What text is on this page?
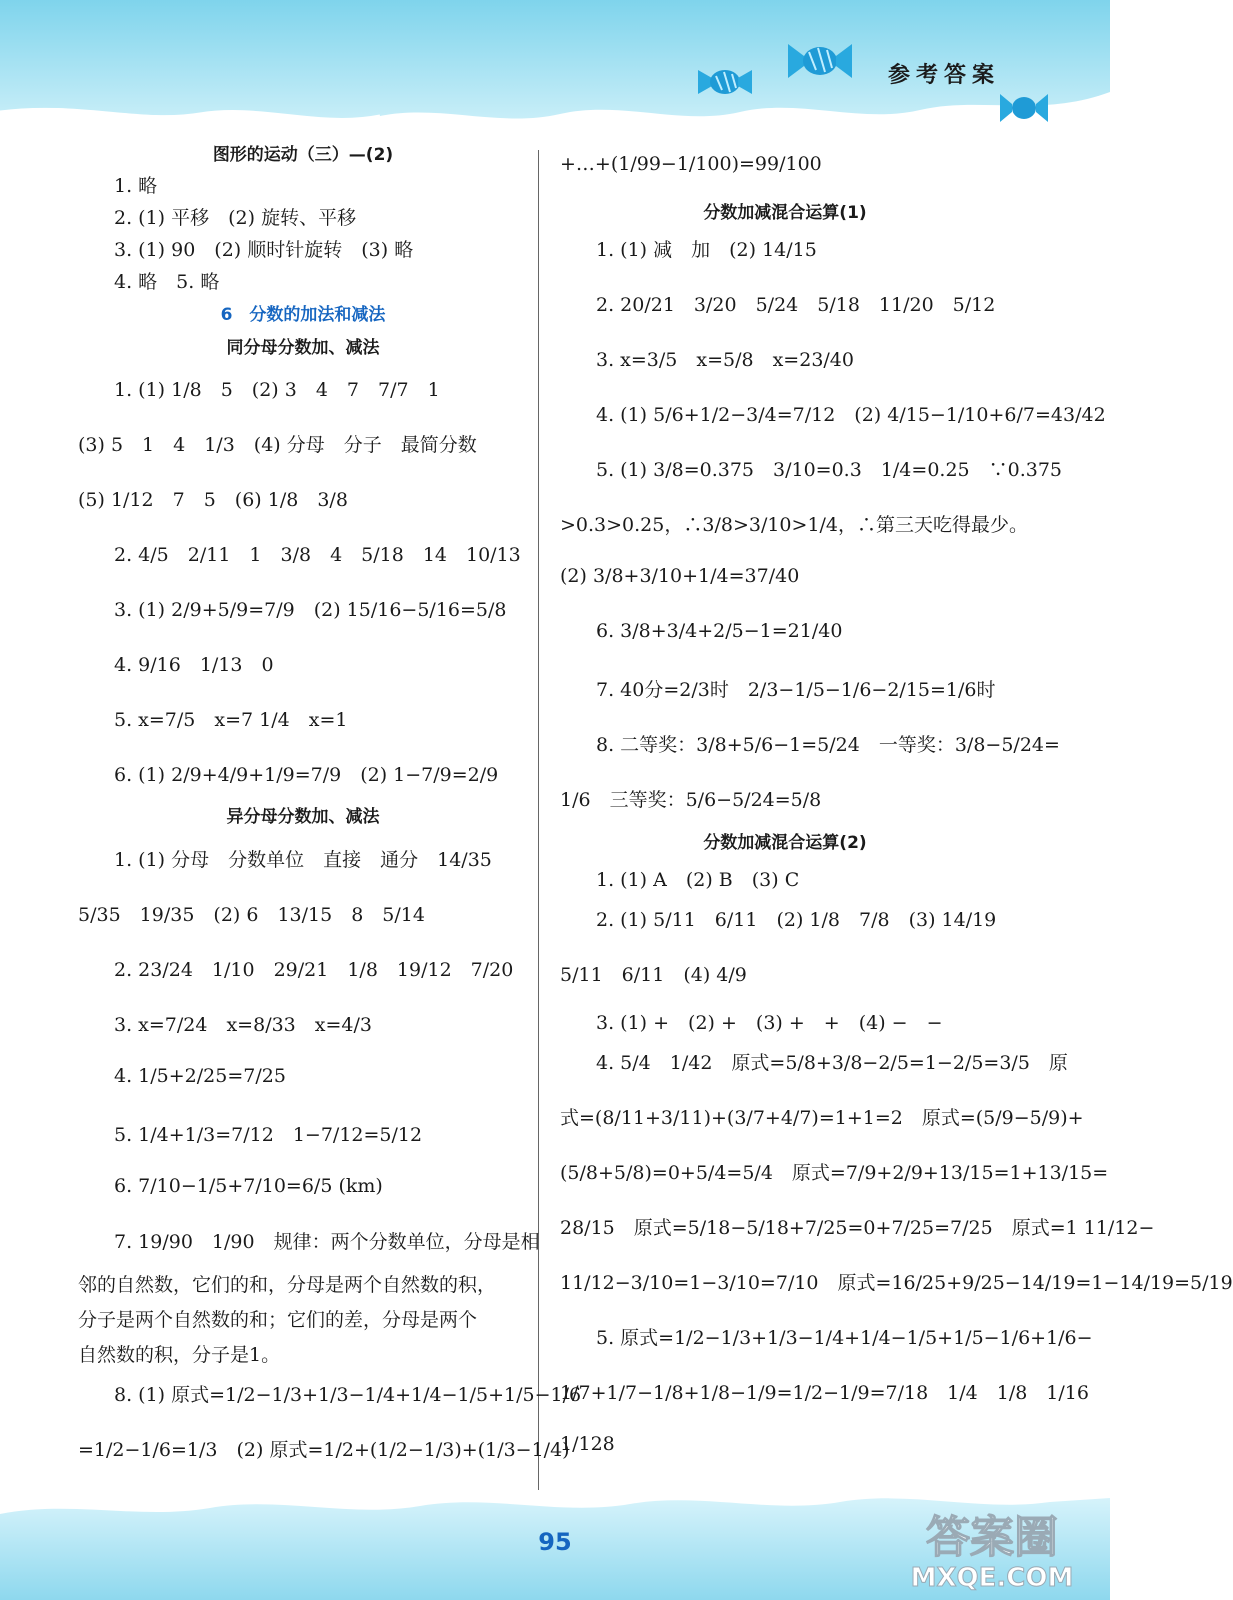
参考答案
图形的运动（三）—(2)
1. 略
2. (1) 平移　(2) 旋转、平移
3. (1) 90　(2) 顺时针旋转　(3) 略
4. 略　5. 略
6　分数的加法和减法
同分母分数加、减法
1. (1) 1/8　5　(2) 3　4　7　7/7　1
(3) 5　1　4　1/3　(4) 分母　分子　最简分数
(5) 1/12　7　5　(6) 1/8　3/8
2. 4/5　2/11　1　3/8　4　5/18　14　10/13
3. (1) 2/9+5/9=7/9　(2) 15/16−5/16=5/8
4. 9/16　1/13　0
5. x=7/5　x=7 1/4　x=1
6. (1) 2/9+4/9+1/9=7/9　(2) 1−7/9=2/9
异分母分数加、减法
1. (1) 分母　分数单位　直接　通分　14/35
5/35　19/35　(2) 6　13/15　8　5/14
2. 23/24　1/10　29/21　1/8　19/12　7/20
3. x=7/24　x=8/33　x=4/3
4. 1/5+2/25=7/25
5. 1/4+1/3=7/12　1−7/12=5/12
6. 7/10−1/5+7/10=6/5 (km)
7. 19/90　1/90　规律：两个分数单位，分母是相
邻的自然数，它们的和，分母是两个自然数的积，
分子是两个自然数的和；它们的差，分母是两个
自然数的积，分子是1。
8. (1) 原式=1/2−1/3+1/3−1/4+1/4−1/5+1/5−1/6
=1/2−1/6=1/3　(2) 原式=1/2+(1/2−1/3)+(1/3−1/4)
+…+(1/99−1/100)=99/100
分数加减混合运算(1)
1. (1) 减　加　(2) 14/15
2. 20/21　3/20　5/24　5/18　11/20　5/12
3. x=3/5　x=5/8　x=23/40
4. (1) 5/6+1/2−3/4=7/12　(2) 4/15−1/10+6/7=43/42
5. (1) 3/8=0.375　3/10=0.3　1/4=0.25　∵0.375
>0.3>0.25，∴3/8>3/10>1/4，∴第三天吃得最少。
(2) 3/8+3/10+1/4=37/40
6. 3/8+3/4+2/5−1=21/40
7. 40分=2/3时　2/3−1/5−1/6−2/15=1/6时
8. 二等奖：3/8+5/6−1=5/24　一等奖：3/8−5/24=
1/6　三等奖：5/6−5/24=5/8
分数加减混合运算(2)
1. (1) A　(2) B　(3) C
2. (1) 5/11　6/11　(2) 1/8　7/8　(3) 14/19
5/11　6/11　(4) 4/9
3. (1) +　(2) +　(3) +　+　(4) −　−
4. 5/4　1/42　原式=5/8+3/8−2/5=1−2/5=3/5　原
式=(8/11+3/11)+(3/7+4/7)=1+1=2　原式=(5/9−5/9)+
(5/8+5/8)=0+5/4=5/4　原式=7/9+2/9+13/15=1+13/15=
28/15　原式=5/18−5/18+7/25=0+7/25=7/25　原式=1 11/12−
11/12−3/10=1−3/10=7/10　原式=16/25+9/25−14/19=1−14/19=5/19
5. 原式=1/2−1/3+1/3−1/4+1/4−1/5+1/5−1/6+1/6−
1/7+1/7−1/8+1/8−1/9=1/2−1/9=7/18　1/4　1/8　1/16
1/128
95	答案圈
MXQE.COM
